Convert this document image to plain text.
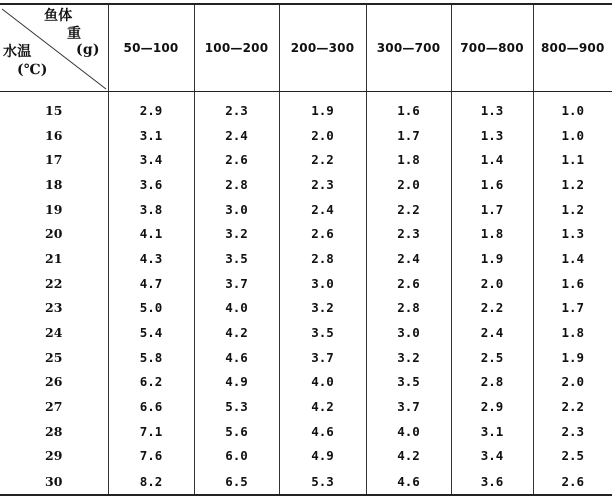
鱼体
重
(g)
水温
(℃)	50—100	100—200	200—300	300—700	700—800	800—900
15	2.9	2.3	1.9	1.6	1.3	1.0
16	3.1	2.4	2.0	1.7	1.3	1.0
17	3.4	2.6	2.2	1.8	1.4	1.1
18	3.6	2.8	2.3	2.0	1.6	1.2
19	3.8	3.0	2.4	2.2	1.7	1.2
20	4.1	3.2	2.6	2.3	1.8	1.3
21	4.3	3.5	2.8	2.4	1.9	1.4
22	4.7	3.7	3.0	2.6	2.0	1.6
23	5.0	4.0	3.2	2.8	2.2	1.7
24	5.4	4.2	3.5	3.0	2.4	1.8
25	5.8	4.6	3.7	3.2	2.5	1.9
26	6.2	4.9	4.0	3.5	2.8	2.0
27	6.6	5.3	4.2	3.7	2.9	2.2
28	7.1	5.6	4.6	4.0	3.1	2.3
29	7.6	6.0	4.9	4.2	3.4	2.5
30	8.2	6.5	5.3	4.6	3.6	2.6
